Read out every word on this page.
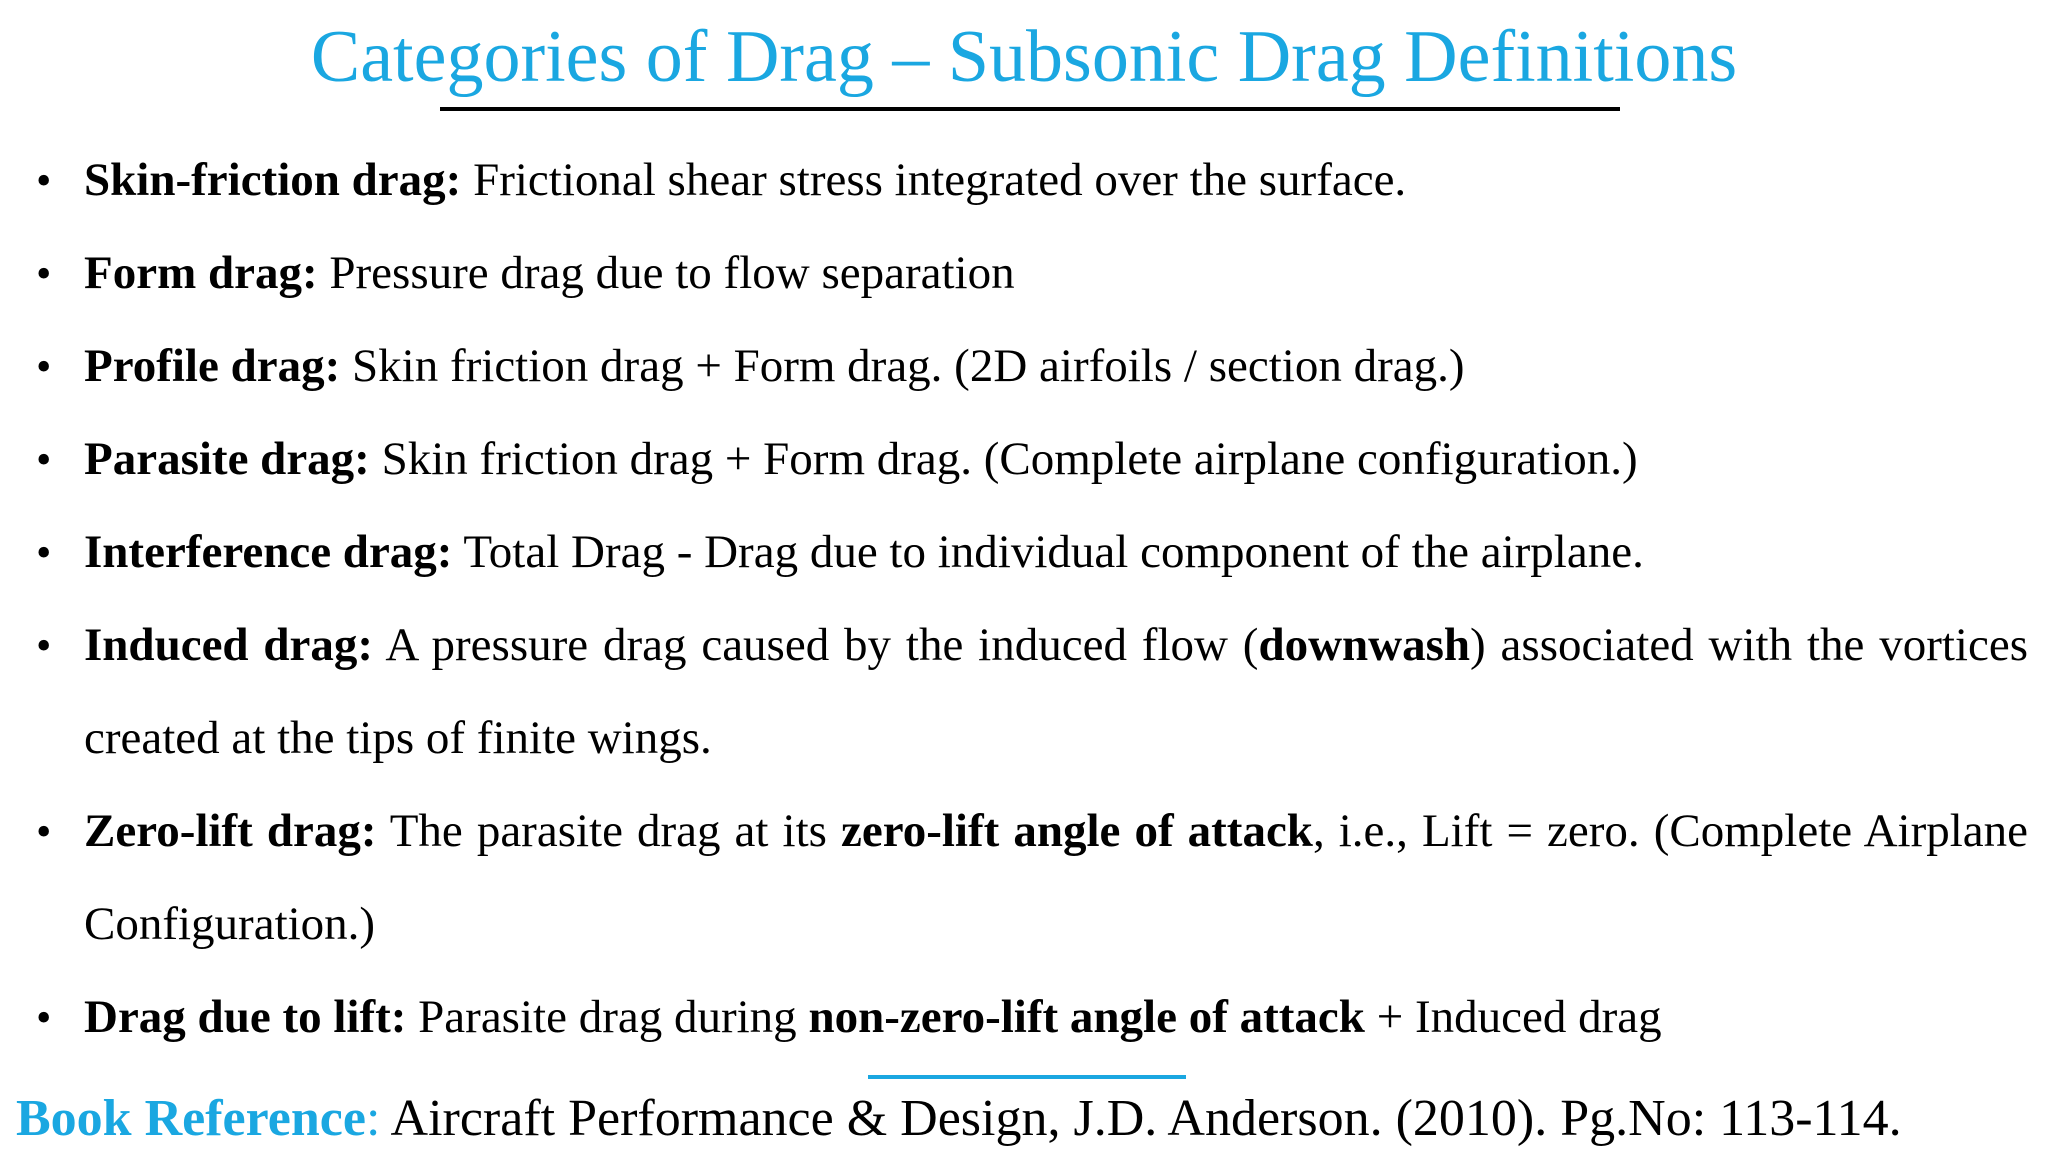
Categories of Drag – Subsonic Drag Definitions
• Skin-friction drag: Frictional shear stress integrated over the surface.
• Form drag: Pressure drag due to flow separation
• Profile drag: Skin friction drag + Form drag. (2D airfoils / section drag.)
• Parasite drag: Skin friction drag + Form drag. (Complete airplane configuration.)
• Interference drag: Total Drag - Drag due to individual component of the airplane.
• Induced drag: A pressure drag caused by the induced flow (downwash) associated with the vortices created at the tips of finite wings.
• Zero-lift drag: The parasite drag at its zero-lift angle of attack, i.e., Lift = zero. (Complete Airplane Configuration.)
• Drag due to lift: Parasite drag during non-zero-lift angle of attack + Induced drag
Book Reference: Aircraft Performance & Design, J.D. Anderson. (2010). Pg.No: 113-114.
